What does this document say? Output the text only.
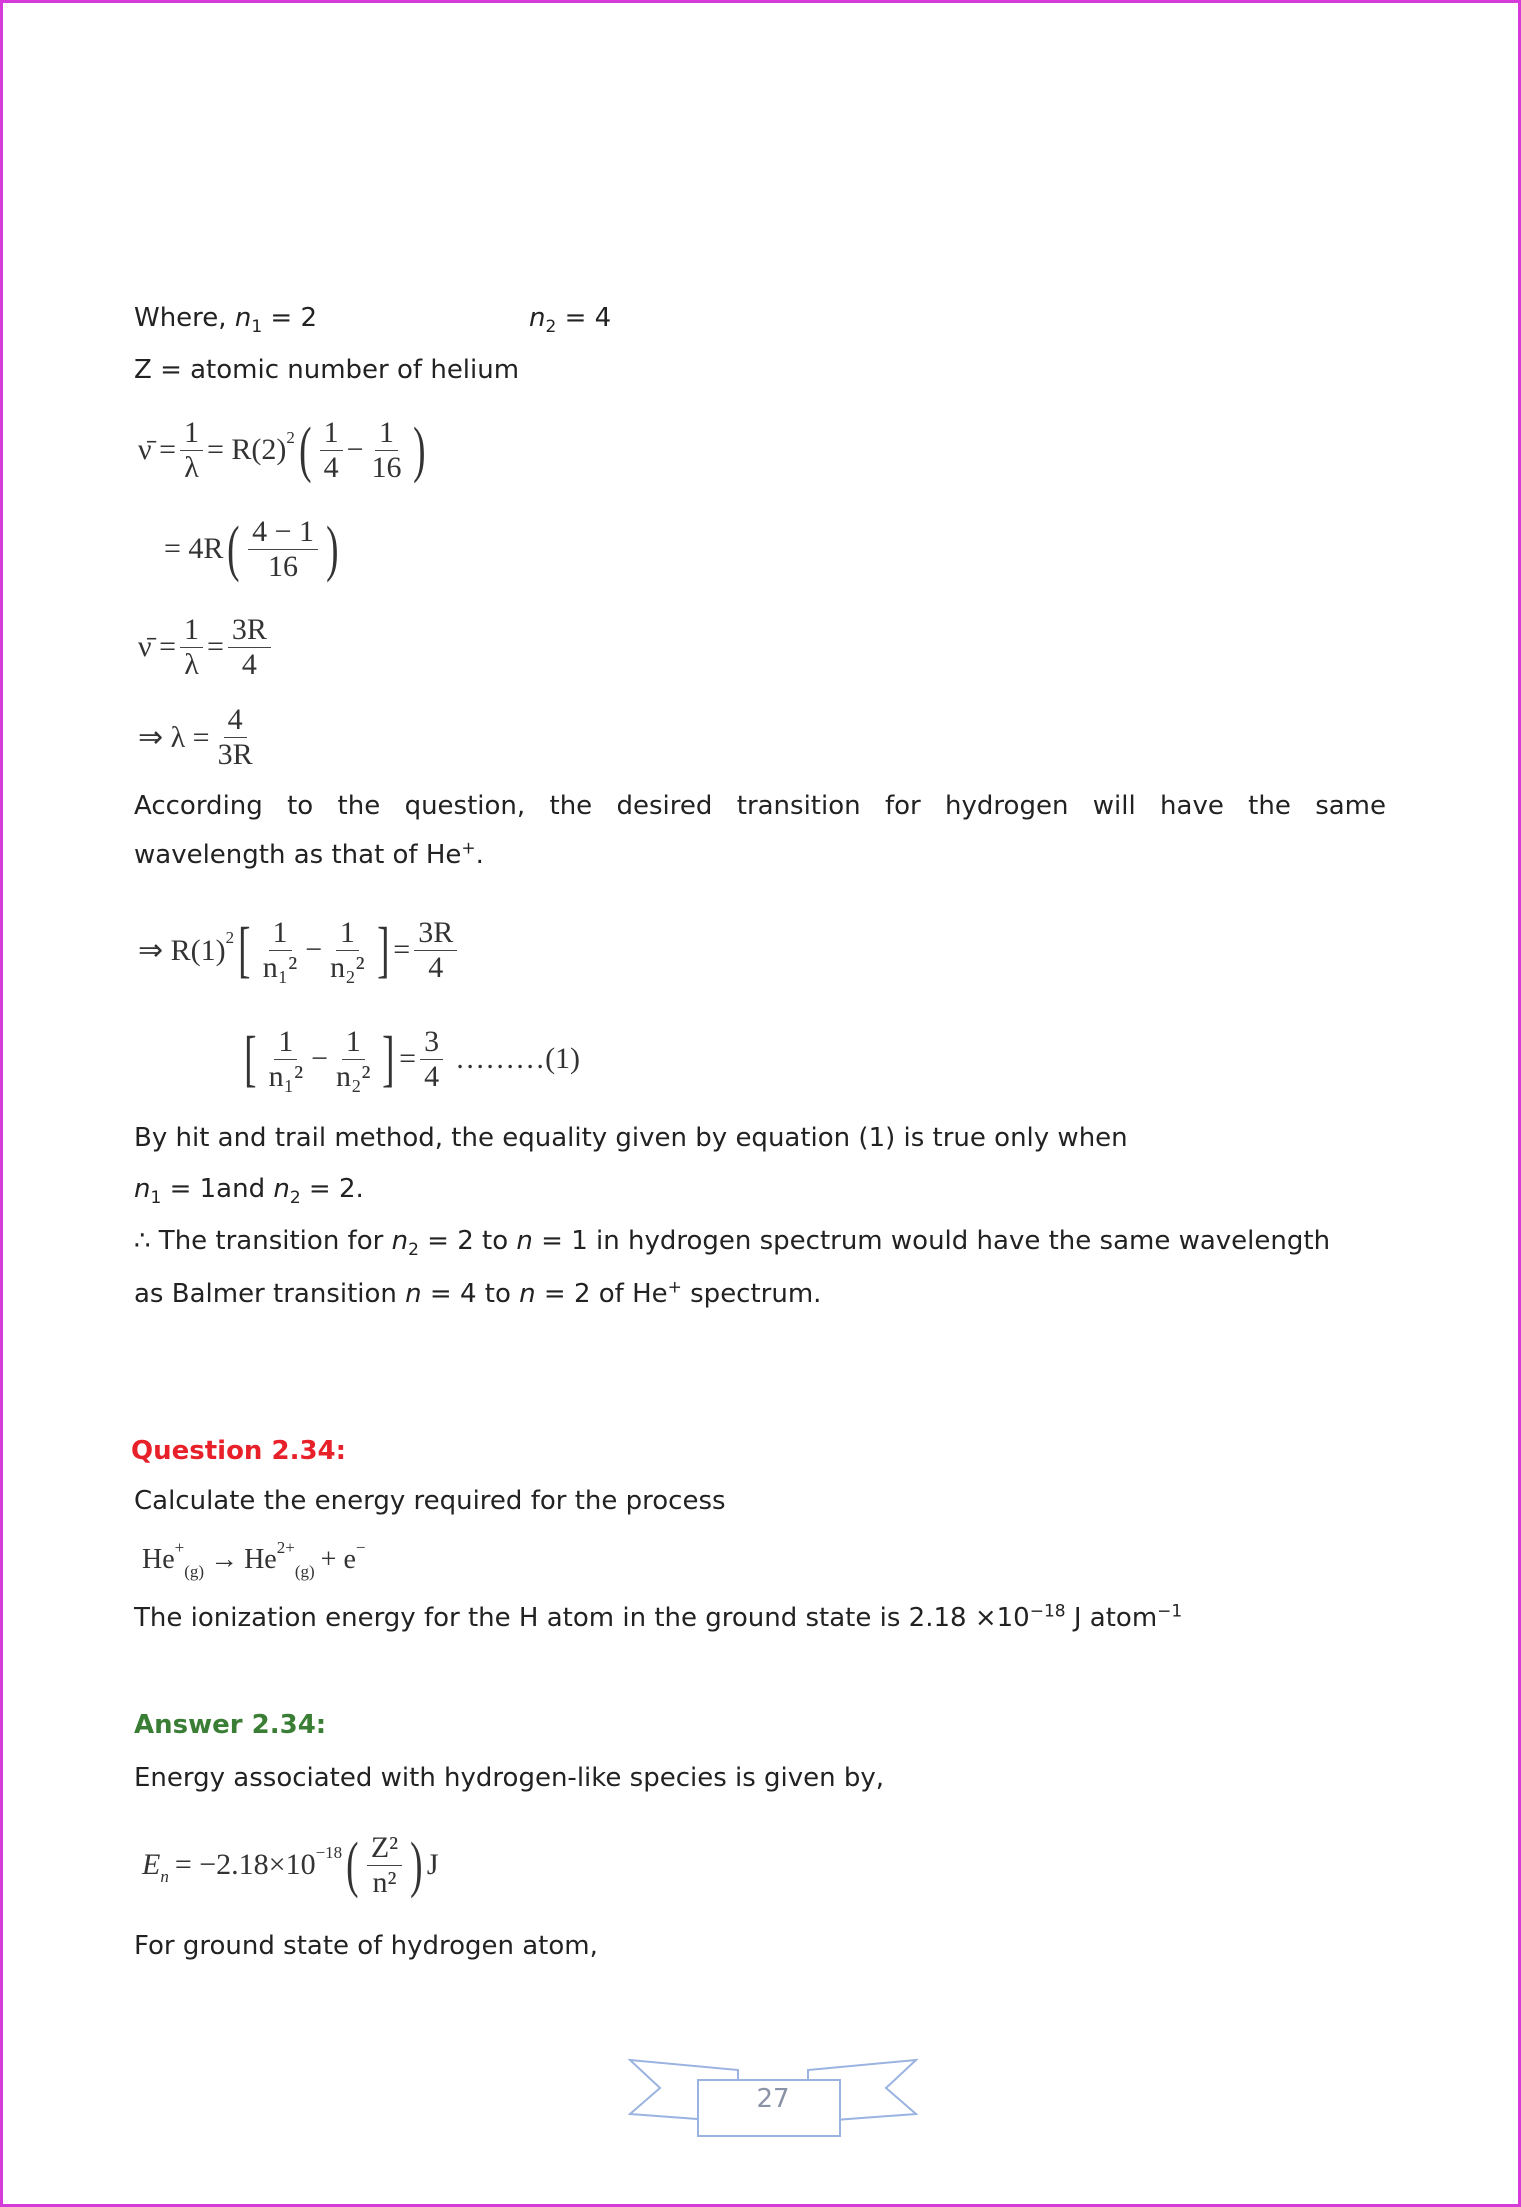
Where, $n_1 = 2$	$n_2 = 4$
Z = atomic number of helium
ν̄ = $\frac{1}{\lambda} = R(2)^2$ ( $\frac{1}{4} - \frac{1}{16}$ )
= 4R ( $\frac{4 - 1}{16}$ )
ν̄ = $\frac{1}{\lambda} = \frac{3R}{4}$
⇒ $\lambda = \frac{4}{3R}$
According to the question, the desired transition for hydrogen will have the same
wavelength as that of He+.
⇒ $R(1)^2$ [ $\frac{1}{\text{n₁²}} - \frac{1}{\text{n₂²}}$ ] = $\frac{3R}{4}$
[ $\frac{1}{\text{n₁²}} - \frac{1}{\text{n₂²}}$ ] = $\frac{3}{4}$ ………(1)
By hit and trail method, the equality given by equation (1) is true only when
$n_1 = 1and$ $n_2 = 2$.
∴ The transition for $n_2 = 2$ to n = 1 in hydrogen spectrum would have the same wavelength
as Balmer transition n = 4 to n = 2 of He+ spectrum.
Question 2.34:
Calculate the energy required for the process
He+
$_{(g)} \to He^{2+}$
$_{(g)}$ + e−
The ionization energy for the H atom in the ground state is $2.18 \times 10^{-18}$ J atom$^{-1}$
Answer 2.34:
Energy associated with hydrogen-like species is given by,
$E_n = -2.18\times 10^{-18}$ ( $\frac{\text{Z²}}{\text{n²}}$ ) J
For ground state of hydrogen atom,
27
